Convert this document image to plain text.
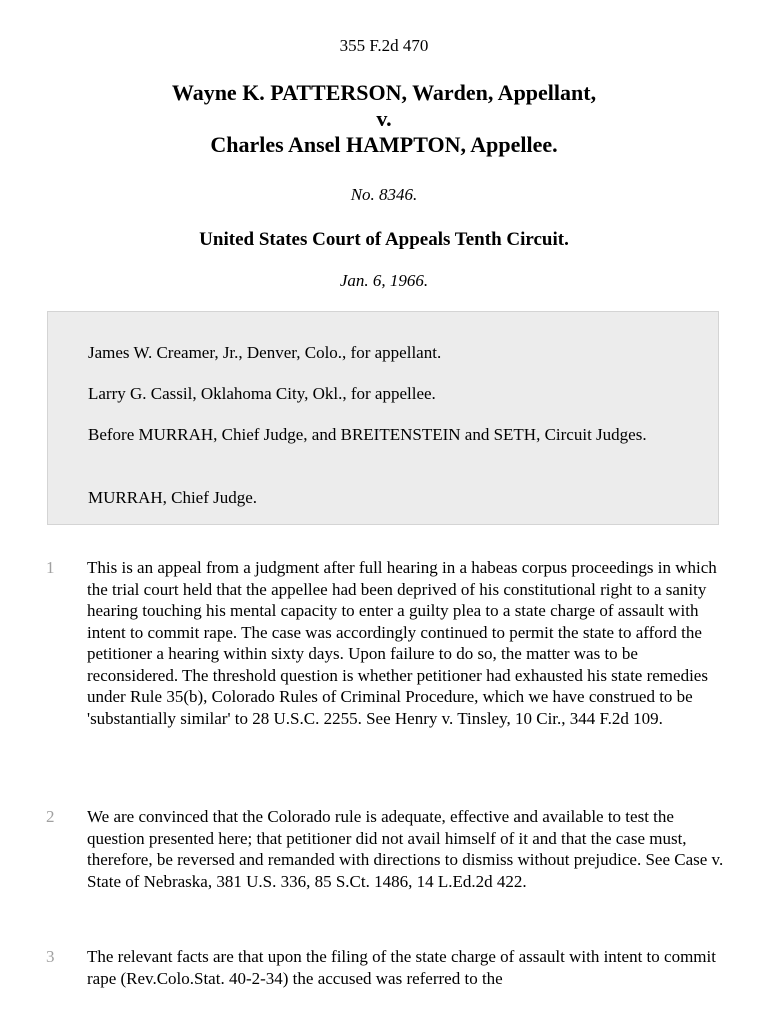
355 F.2d 470
Wayne K. PATTERSON, Warden, Appellant,
v.
Charles Ansel HAMPTON, Appellee.
No. 8346.
United States Court of Appeals Tenth Circuit.
Jan. 6, 1966.

James W. Creamer, Jr., Denver, Colo., for appellant.

Larry G. Cassil, Oklahoma City, Okl., for appellee.

Before MURRAH, Chief Judge, and BREITENSTEIN and SETH, Circuit Judges.

MURRAH, Chief Judge.

1 This is an appeal from a judgment after full hearing in a habeas corpus proceedings in which the trial court held that the appellee had been deprived of his constitutional right to a sanity hearing touching his mental capacity to enter a guilty plea to a state charge of assault with intent to commit rape. The case was accordingly continued to permit the state to afford the petitioner a hearing within sixty days. Upon failure to do so, the matter was to be reconsidered. The threshold question is whether petitioner had exhausted his state remedies under Rule 35(b), Colorado Rules of Criminal Procedure, which we have construed to be 'substantially similar' to 28 U.S.C. 2255. See Henry v. Tinsley, 10 Cir., 344 F.2d 109.

2 We are convinced that the Colorado rule is adequate, effective and available to test the question presented here; that petitioner did not avail himself of it and that the case must, therefore, be reversed and remanded with directions to dismiss without prejudice. See Case v. State of Nebraska, 381 U.S. 336, 85 S.Ct. 1486, 14 L.Ed.2d 422.

3 The relevant facts are that upon the filing of the state charge of assault with intent to commit rape (Rev.Colo.Stat. 40-2-34) the accused was referred to the
